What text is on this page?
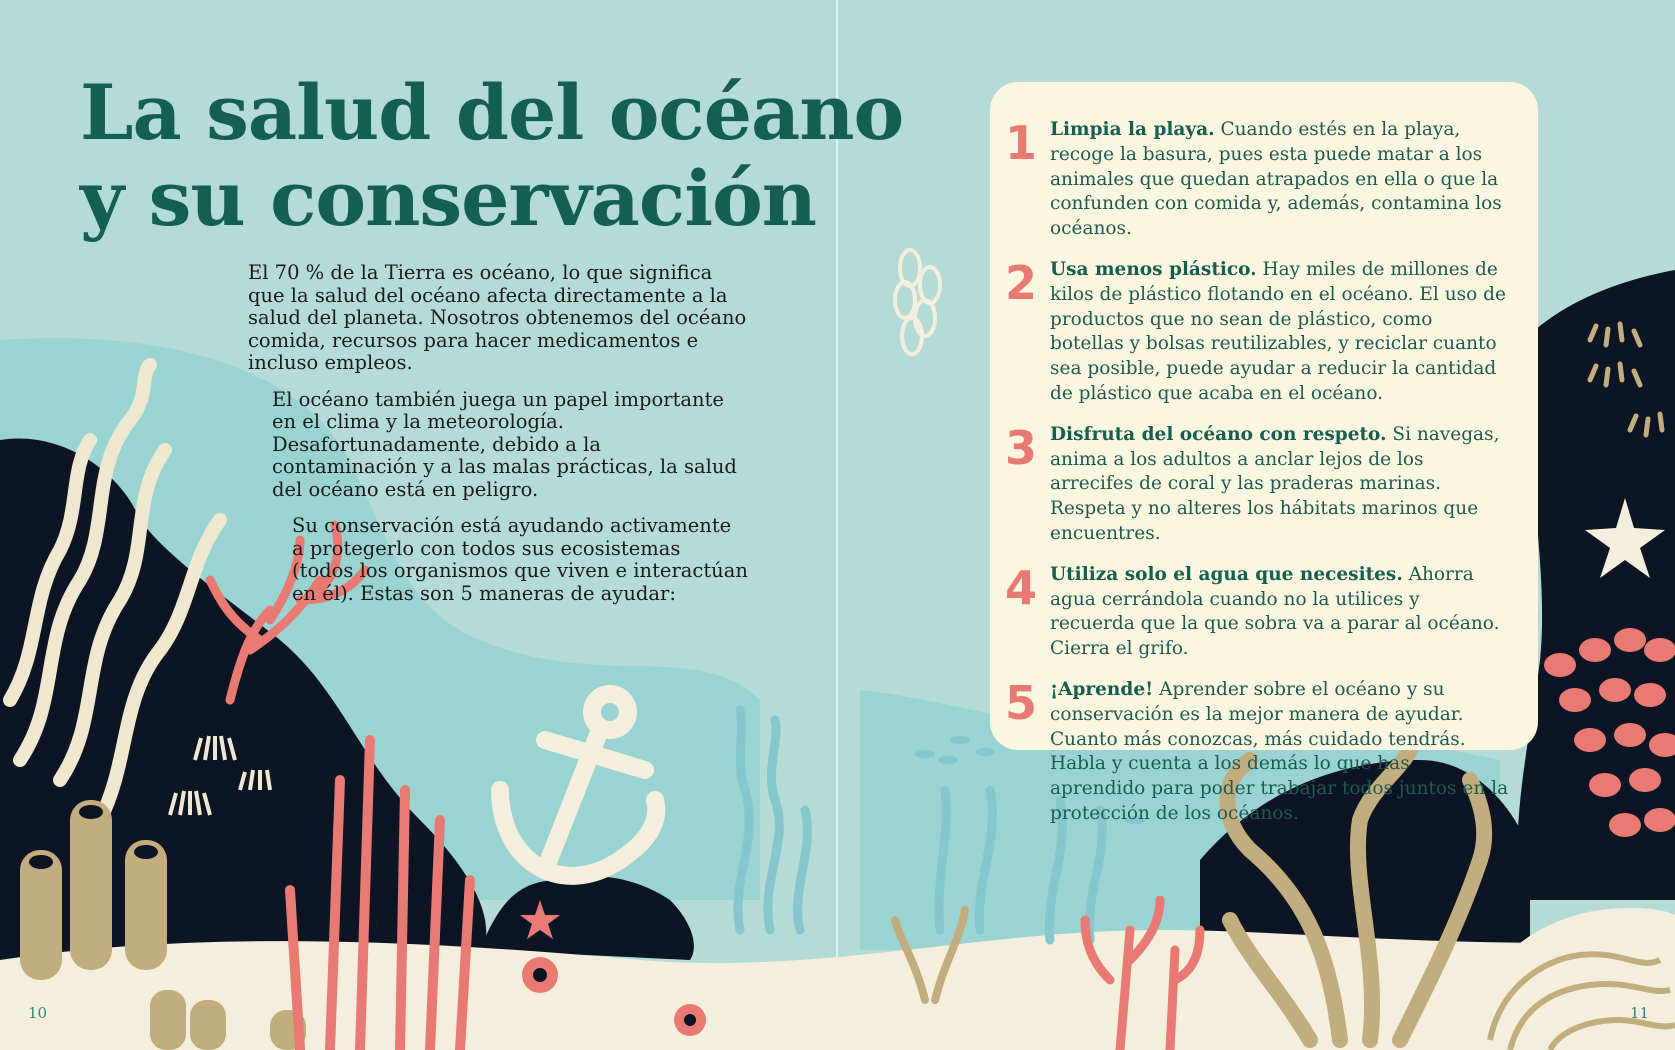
La salud del océano
y su conservación

El 70 % de la Tierra es océano, lo que significa que la salud del océano afecta directamente a la salud del planeta. Nosotros obtenemos del océano comida, recursos para hacer medicamentos e incluso empleos.

El océano también juega un papel importante en el clima y la meteorología. Desafortunadamente, debido a la contaminación y a las malas prácticas, la salud del océano está en peligro.

Su conservación está ayudando activamente a protegerlo con todos sus ecosistemas (todos los organismos que viven e interactúan en él). Estas son 5 maneras de ayudar:

1 Limpia la playa. Cuando estés en la playa, recoge la basura, pues esta puede matar a los animales que quedan atrapados en ella o que la confunden con comida y, además, contamina los océanos.
2 Usa menos plástico. Hay miles de millones de kilos de plástico flotando en el océano. El uso de productos que no sean de plástico, como botellas y bolsas reutilizables, y reciclar cuanto sea posible, puede ayudar a reducir la cantidad de plástico que acaba en el océano.
3 Disfruta del océano con respeto. Si navegas, anima a los adultos a anclar lejos de los arrecifes de coral y las praderas marinas. Respeta y no alteres los hábitats marinos que encuentres.
4 Utiliza solo el agua que necesites. Ahorra agua cerrándola cuando no la utilices y recuerda que la que sobra va a parar al océano. Cierra el grifo.
5 ¡Aprende! Aprender sobre el océano y su conservación es la mejor manera de ayudar. Cuanto más conozcas, más cuidado tendrás. Habla y cuenta a los demás lo que has aprendido para poder trabajar todos juntos en la protección de los océanos.
10	11
